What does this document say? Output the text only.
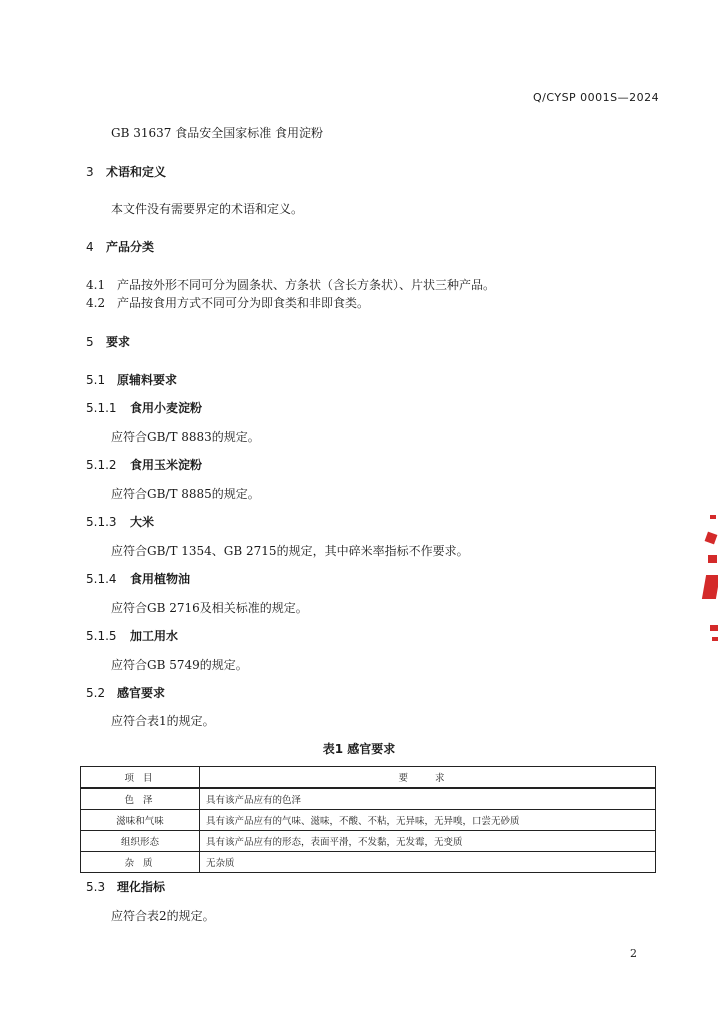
Q/CYSP 0001S—2024
GB 31637 食品安全国家标准 食用淀粉
3 术语和定义
本文件没有需要界定的术语和定义。
4 产品分类
4.1 产品按外形不同可分为圆条状、方条状（含长方条状）、片状三种产品。
4.2 产品按食用方式不同可分为即食类和非即食类。
5 要求
5.1 原辅料要求
5.1.1 食用小麦淀粉
应符合GB/T 8883的规定。
5.1.2 食用玉米淀粉
应符合GB/T 8885的规定。
5.1.3 大米
应符合GB/T 1354、GB 2715的规定，其中碎米率指标不作要求。
5.1.4 食用植物油
应符合GB 2716及相关标准的规定。
5.1.5 加工用水
应符合GB 5749的规定。
5.2 感官要求
应符合表1的规定。
表1 感官要求
项 目	要 求
色 泽	具有该产品应有的色泽
滋味和气味	具有该产品应有的气味、滋味，不酸、不粘，无异味，无异嗅，口尝无砂质
组织形态	具有该产品应有的形态，表面平滑，不发黏，无发霉，无变质
杂 质	无杂质
5.3 理化指标
应符合表2的规定。
2
